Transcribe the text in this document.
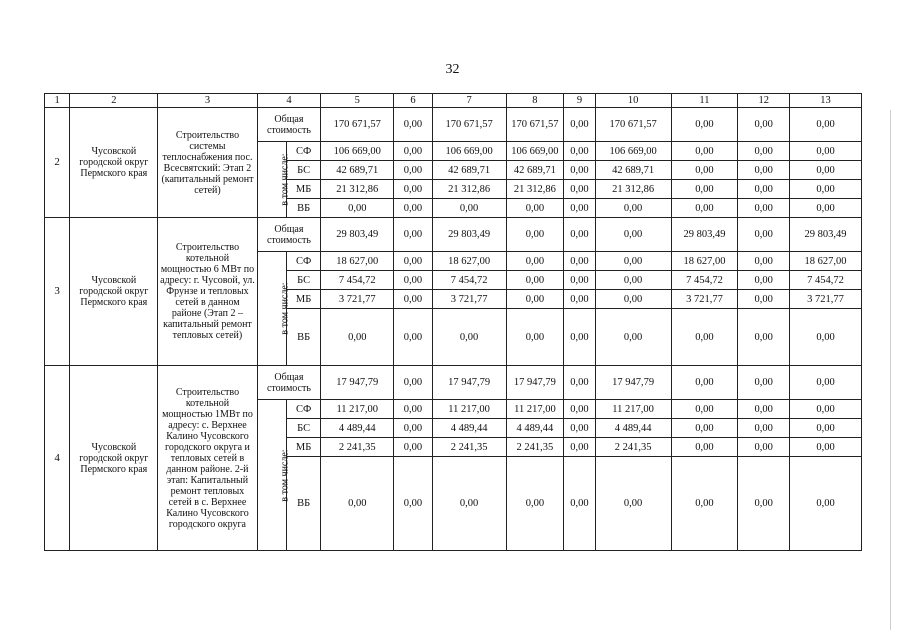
32
1	2	3	4		5	6	7	8	9	10	11	12	13
2	Чусовской городской округ Пермского края	Строительство системы теплоснабжения пос. Всесвятский: Этап 2 (капитальный ремонт сетей)	Общая стоимость		170 671,57	0,00	170 671,57	170 671,57	0,00	170 671,57	0,00	0,00	0,00
			в том числе:	СФ	106 669,00	0,00	106 669,00	106 669,00	0,00	106 669,00	0,00	0,00	0,00
				БС	42 689,71	0,00	42 689,71	42 689,71	0,00	42 689,71	0,00	0,00	0,00
				МБ	21 312,86	0,00	21 312,86	21 312,86	0,00	21 312,86	0,00	0,00	0,00
				ВБ	0,00	0,00	0,00	0,00	0,00	0,00	0,00	0,00	0,00
3	Чусовской городской округ Пермского края	Строительство котельной мощностью 6 МВт по адресу: г. Чусовой, ул. Фрунзе и тепловых сетей в данном районе (Этап 2 – капитальный ремонт тепловых сетей)	Общая стоимость		29 803,49	0,00	29 803,49	0,00	0,00	0,00	29 803,49	0,00	29 803,49
			в том числе:	СФ	18 627,00	0,00	18 627,00	0,00	0,00	0,00	18 627,00	0,00	18 627,00
				БС	7 454,72	0,00	7 454,72	0,00	0,00	0,00	7 454,72	0,00	7 454,72
				МБ	3 721,77	0,00	3 721,77	0,00	0,00	0,00	3 721,77	0,00	3 721,77
				ВБ	0,00	0,00	0,00	0,00	0,00	0,00	0,00	0,00	0,00
4	Чусовской городской округ Пермского края	Строительство котельной мощностью 1МВт по адресу: с. Верхнее Калино Чусовского городского округа и тепловых сетей в данном районе. 2-й этап: Капитальный ремонт тепловых сетей в с. Верхнее Калино Чусовского городского округа	Общая стоимость		17 947,79	0,00	17 947,79	17 947,79	0,00	17 947,79	0,00	0,00	0,00
			в том числе:	СФ	11 217,00	0,00	11 217,00	11 217,00	0,00	11 217,00	0,00	0,00	0,00
				БС	4 489,44	0,00	4 489,44	4 489,44	0,00	4 489,44	0,00	0,00	0,00
				МБ	2 241,35	0,00	2 241,35	2 241,35	0,00	2 241,35	0,00	0,00	0,00
				ВБ	0,00	0,00	0,00	0,00	0,00	0,00	0,00	0,00	0,00
